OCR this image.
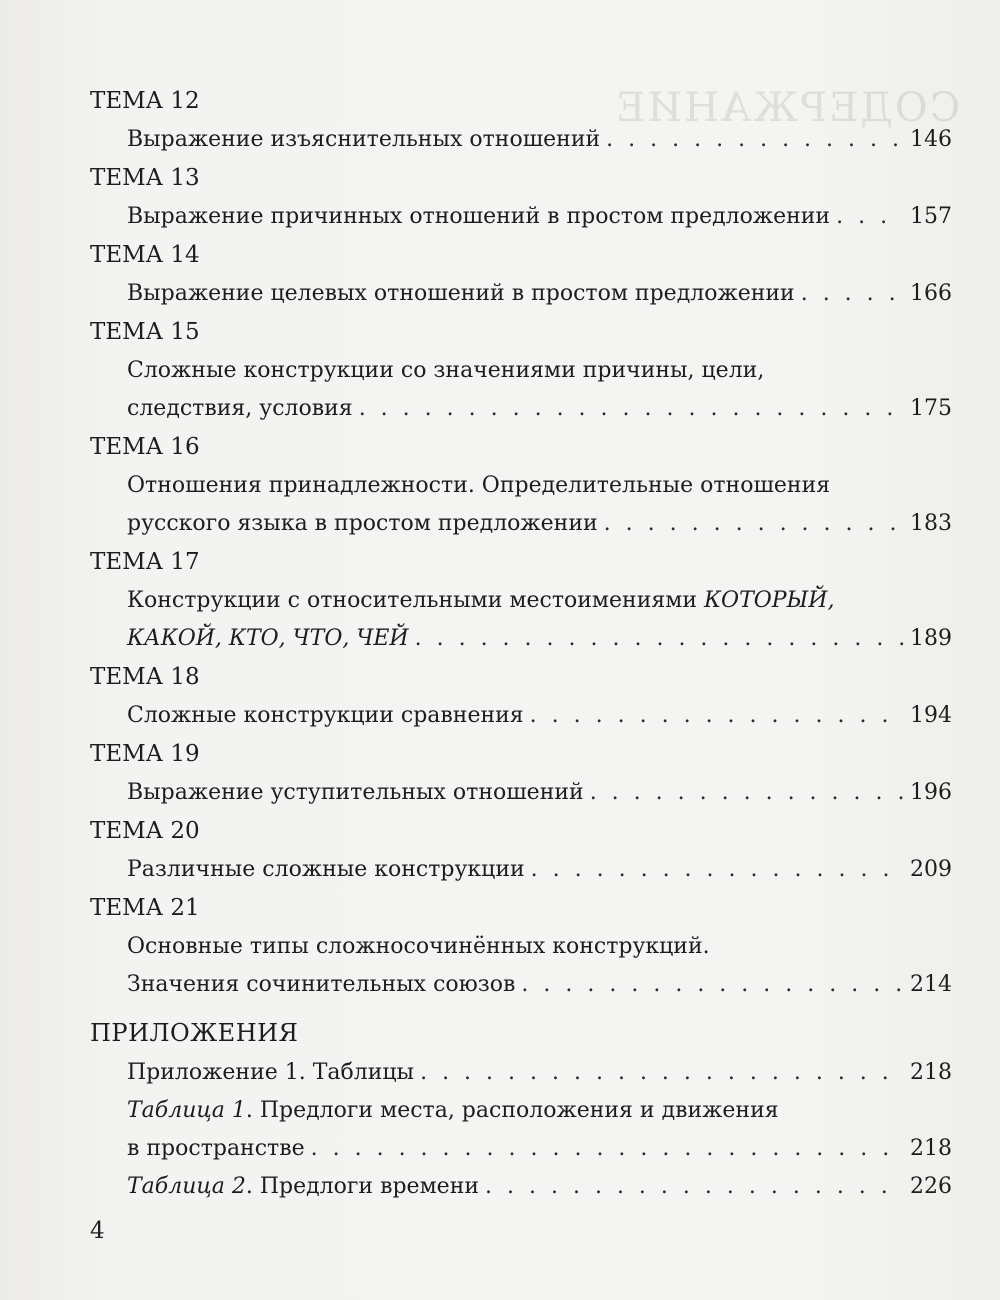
СОДЕРЖАНИЕ
ТЕМА 12
Выражение изъяснительных отношений . . .	146
ТЕМА 13
Выражение причинных отношений в простом предложении . . .	157
ТЕМА 14
Выражение целевых отношений в простом предложении . . .	166
ТЕМА 15
Сложные конструкции со значениями причины, цели,
следствия, условия . . .	175
ТЕМА 16
Отношения принадлежности. Определительные отношения
русского языка в простом предложении . . .	183
ТЕМА 17
Конструкции с относительными местоимениями КОТОРЫЙ,
КАКОЙ, КТО, ЧТО, ЧЕЙ . . .	189
ТЕМА 18
Сложные конструкции сравнения . . .	194
ТЕМА 19
Выражение уступительных отношений . . .	196
ТЕМА 20
Различные сложные конструкции . . .	209
ТЕМА 21
Основные типы сложносочинённых конструкций.
Значения сочинительных союзов . . .	214
ПРИЛОЖЕНИЯ
Приложение 1. Таблицы . . .	218
Таблица 1. Предлоги места, расположения и движения
в пространстве . . .	218
Таблица 2. Предлоги времени . . .	226
4
